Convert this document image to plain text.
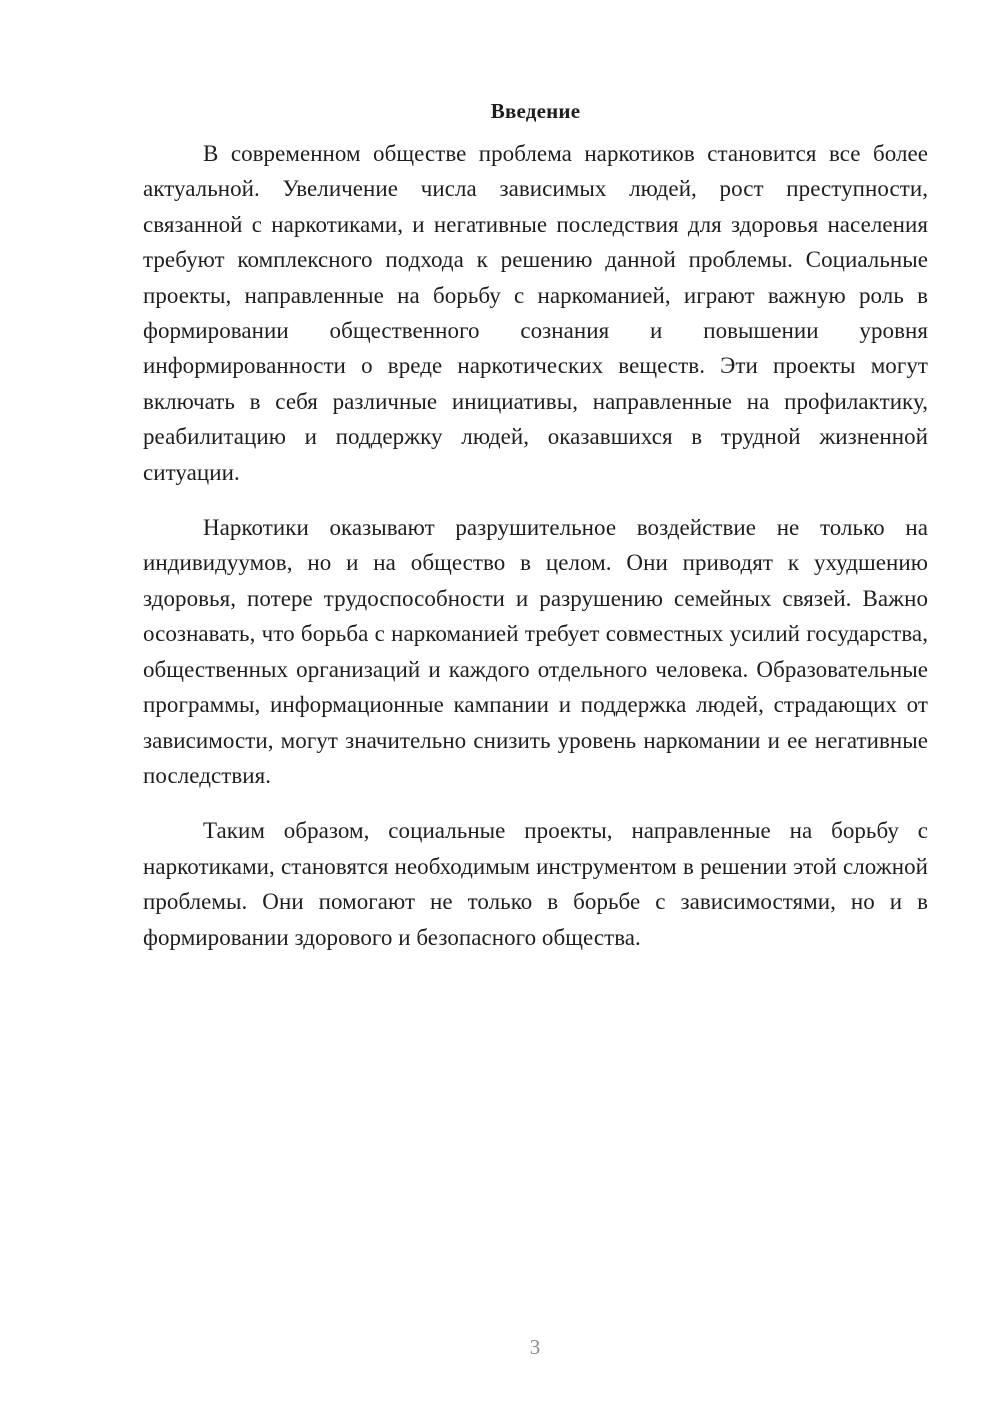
Введение

В современном обществе проблема наркотиков становится все более актуальной. Увеличение числа зависимых людей, рост преступности, связанной с наркотиками, и негативные последствия для здоровья населения требуют комплексного подхода к решению данной проблемы. Социальные проекты, направленные на борьбу с наркоманией, играют важную роль в формировании общественного сознания и повышении уровня информированности о вреде наркотических веществ. Эти проекты могут включать в себя различные инициативы, направленные на профилактику, реабилитацию и поддержку людей, оказавшихся в трудной жизненной ситуации.

Наркотики оказывают разрушительное воздействие не только на индивидуумов, но и на общество в целом. Они приводят к ухудшению здоровья, потере трудоспособности и разрушению семейных связей. Важно осознавать, что борьба с наркоманией требует совместных усилий государства, общественных организаций и каждого отдельного человека. Образовательные программы, информационные кампании и поддержка людей, страдающих от зависимости, могут значительно снизить уровень наркомании и ее негативные последствия.

Таким образом, социальные проекты, направленные на борьбу с наркотиками, становятся необходимым инструментом в решении этой сложной проблемы. Они помогают не только в борьбе с зависимостями, но и в формировании здорового и безопасного общества.

3
